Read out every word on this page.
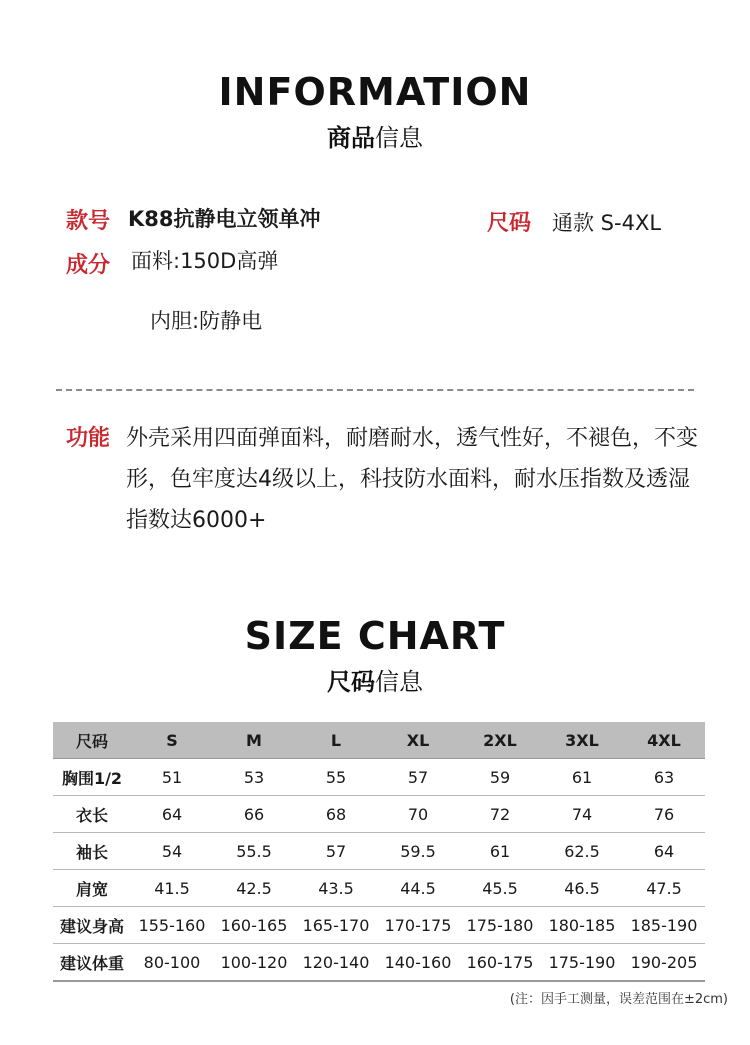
INFORMATION
商品信息
款号 K88抗静电立领单冲	尺码 通款 S-4XL
成分 面料:150D高弹
内胆:防静电
功能 外壳采用四面弹面料，耐磨耐水，透气性好，不褪色，不变形，色牢度达4级以上，科技防水面料，耐水压指数及透湿指数达6000+
SIZE CHART
尺码信息
尺码	S	M	L	XL	2XL	3XL	4XL
胸围1/2	51	53	55	57	59	61	63
衣长	64	66	68	70	72	74	76
袖长	54	55.5	57	59.5	61	62.5	64
肩宽	41.5	42.5	43.5	44.5	45.5	46.5	47.5
建议身高	155-160	160-165	165-170	170-175	175-180	180-185	185-190
建议体重	80-100	100-120	120-140	140-160	160-175	175-190	190-205
(注：因手工测量，误差范围在±2cm)
